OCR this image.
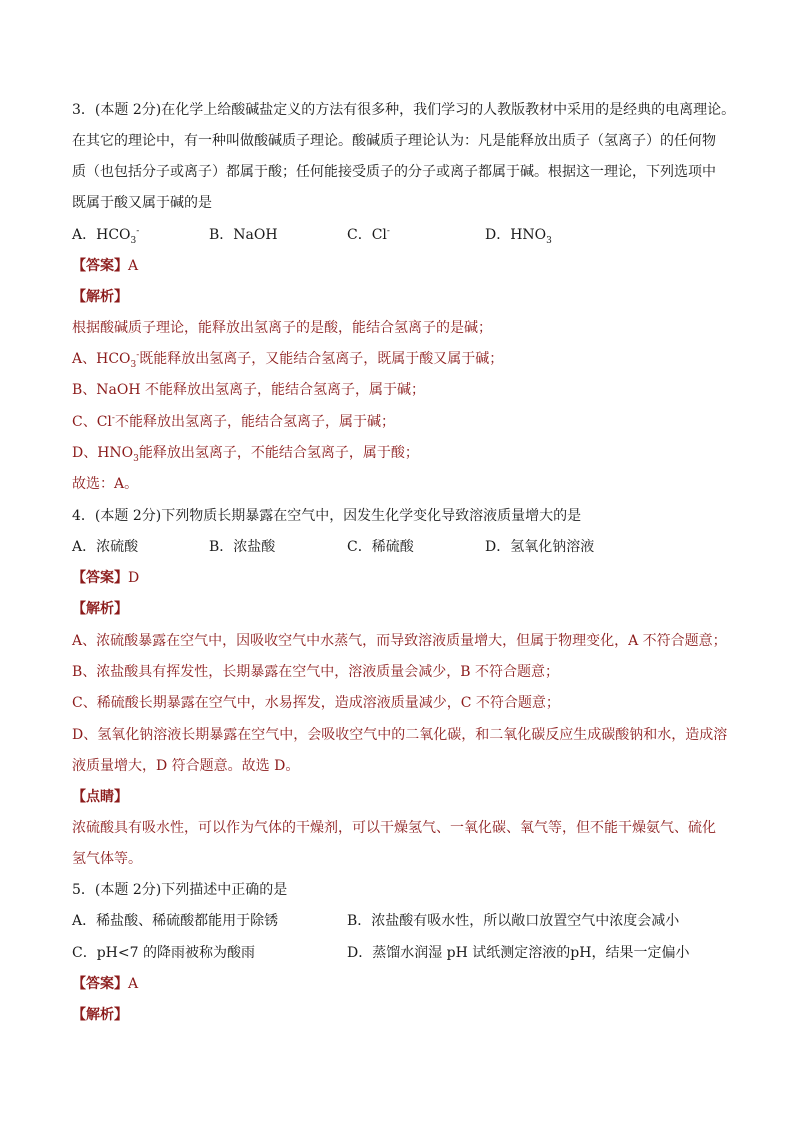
3．(本题 2分)在化学上给酸碱盐定义的方法有很多种，我们学习的人教版教材中采用的是经典的电离理论。
在其它的理论中，有一种叫做酸碱质子理论。酸碱质子理论认为：凡是能释放出质子（氢离子）的任何物
质（也包括分子或离子）都属于酸；任何能接受质子的分子或离子都属于碱。根据这一理论，下列选项中
既属于酸又属于碱的是
A．$HCO_3^-$	B．NaOH	C．Cl-	D．$HNO_3$
【答案】A
【解析】
根据酸碱质子理论，能释放出氢离子的是酸，能结合氢离子的是碱；
A、$HCO_3^-$既能释放出氢离子，又能结合氢离子，既属于酸又属于碱；
B、NaOH 不能释放出氢离子，能结合氢离子，属于碱；
C、Cl-不能释放出氢离子，能结合氢离子，属于碱；
D、$HNO_3$能释放出氢离子，不能结合氢离子，属于酸；
故选：A。
4．(本题 2分)下列物质长期暴露在空气中，因发生化学变化导致溶液质量增大的是
A．浓硫酸	B．浓盐酸	C．稀硫酸	D．氢氧化钠溶液
【答案】D
【解析】
A、浓硫酸暴露在空气中，因吸收空气中水蒸气，而导致溶液质量增大，但属于物理变化，A 不符合题意；
B、浓盐酸具有挥发性，长期暴露在空气中，溶液质量会减少，B 不符合题意；
C、稀硫酸长期暴露在空气中，水易挥发，造成溶液质量减少，C 不符合题意；
D、氢氧化钠溶液长期暴露在空气中，会吸收空气中的二氧化碳，和二氧化碳反应生成碳酸钠和水，造成溶
液质量增大，D 符合题意。故选 D。
【点睛】
浓硫酸具有吸水性，可以作为气体的干燥剂，可以干燥氢气、一氧化碳、氧气等，但不能干燥氨气、硫化
氢气体等。
5．(本题 2分)下列描述中正确的是
A．稀盐酸、稀硫酸都能用于除锈	B．浓盐酸有吸水性，所以敞口放置空气中浓度会减小
C．pH<7 的降雨被称为酸雨	D．蒸馏水润湿 pH 试纸测定溶液的pH，结果一定偏小
【答案】A
【解析】
